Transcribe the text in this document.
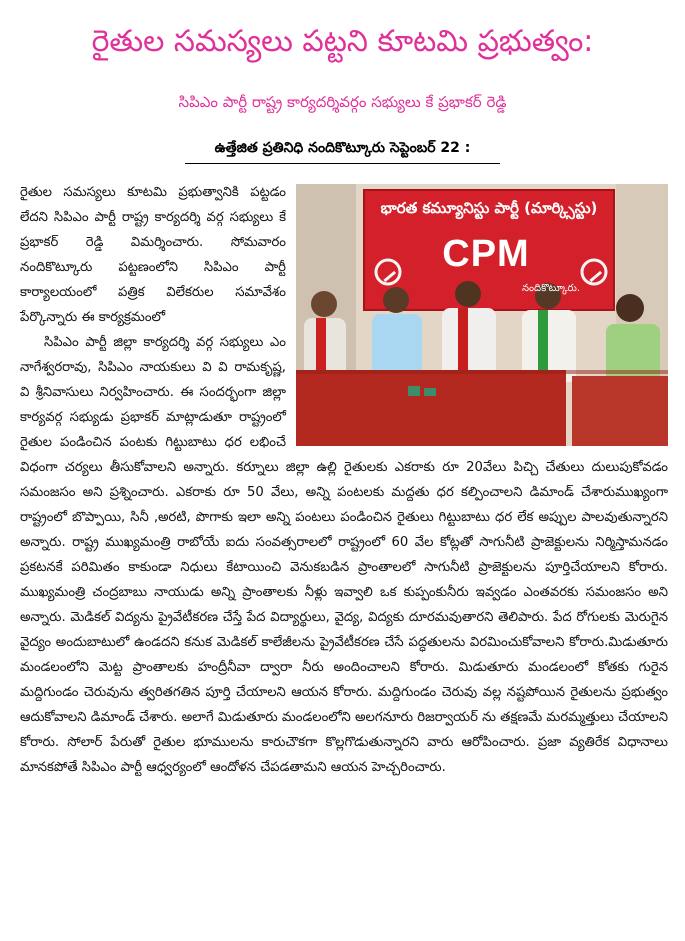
రైతుల సమస్యలు పట్టని కూటమి ప్రభుత్వం:
సిపిఎం పార్టీ రాష్ట్ర కార్యదర్శివర్గం సభ్యులు కే ప్రభాకర్ రెడ్డి
ఉత్తేజిత ప్రతినిధి నందికొట్కూరు సెప్టెంబర్ 22 :
భారత కమ్యూనిస్టు పార్టీ (మార్క్సిస్టు)
CPM
నందికొట్కూరు.

రైతుల సమస్యలు కూటమి ప్రభుత్వానికి పట్టడం లేదని సిపిఎం పార్టీ రాష్ట్ర కార్యదర్శి వర్గ సభ్యులు కే ప్రభాకర్ రెడ్డి విమర్శించారు. సోమవారం నందికొట్కూరు పట్టణంలోని సిపిఎం పార్టీ కార్యాలయంలో పత్రిక విలేకరుల సమావేశం పేర్కొన్నారు ఈ కార్యక్రమంలో

సిపిఎం పార్టీ జిల్లా కార్యదర్శి వర్గ సభ్యులు ఎం నాగేశ్వరరావు, సిపిఎం నాయకులు వి వి రామకృష్ణ, వి శ్రీనివాసులు నిర్వహించారు. ఈ సందర్భంగా జిల్లా కార్యవర్గ సభ్యుడు ప్రభాకర్ మాట్లాడుతూ రాష్ట్రంలో రైతుల పండించిన పంటకు గిట్టుబాటు ధర లభించే విధంగా చర్యలు తీసుకోవాలని అన్నారు. కర్నూలు జిల్లా ఉల్లి రైతులకు ఎకరాకు రూ 20వేలు పిచ్చి చేతులు దులుపుకోవడం సమంజసం అని ప్రశ్నించారు. ఎకరాకు రూ 50 వేలు, అన్ని పంటలకు మద్దతు ధర కల్పించాలని డిమాండ్ చేశారుముఖ్యంగా రాష్ట్రంలో బొప్పాయి, సినీ ,అరటి, పొగాకు ఇలా అన్ని పంటలు పండించిన రైతులు గిట్టుబాటు ధర లేక అప్పుల పాలవుతున్నారని అన్నారు. రాష్ట్ర ముఖ్యమంత్రి రాబోయే ఐదు సంవత్సరాలలో రాష్ట్రంలో 60 వేల కోట్లతో సాగునీటి ప్రాజెక్టులను నిర్మిస్తామనడం ప్రకటనకే పరిమితం కాకుండా నిధులు కేటాయించి వెనుకబడిన ప్రాంతాలలో సాగునీటి ప్రాజెక్టులను పూర్తిచేయాలని కోరారు. ముఖ్యమంత్రి చంద్రబాబు నాయుడు అన్ని ప్రాంతాలకు నీళ్లు ఇవ్వాలి ఒక కుప్పంకునీరు ఇవ్వడం ఎంతవరకు సమంజసం అని అన్నారు. మెడికల్ విద్యను ప్రైవేటీకరణ చేస్తే పేద విద్యార్థులు, వైద్య, విద్యకు దూరమవుతారని తెలిపారు. పేద రోగులకు మెరుగైన వైద్యం అందుబాటులో ఉండదని కనుక మెడికల్ కాలేజీలను ప్రైవేటీకరణ చేసే పద్ధతులను విరమించుకోవాలని కోరారు.మిడుతూరు మండలంలోని మెట్ట ప్రాంతాలకు హంద్రీనీవా ద్వారా నీరు అందించాలని కోరారు. మిడుతూరు మండలంలో కోతకు గురైన మద్దిగుండం చెరువును త్వరితగతిన పూర్తి చేయాలని ఆయన కోరారు. మద్దిగుండం చెరువు వల్ల నష్టపోయిన రైతులను ప్రభుత్వం ఆదుకోవాలని డిమాండ్ చేశారు. అలాగే మిడుతూరు మండలంలోని అలగనూరు రిజర్వాయర్ ను తక్షణమే మరమ్మత్తులు చేయాలని కోరారు. సోలార్ పేరుతో రైతుల భూములను కారుచౌకగా కొల్లగొడుతున్నారని వారు ఆరోపించారు. ప్రజా వ్యతిరేక విధానాలు మానకపోతే సిపిఎం పార్టీ ఆధ్వర్యంలో ఆందోళన చేపడతామని ఆయన హెచ్చరించారు.
